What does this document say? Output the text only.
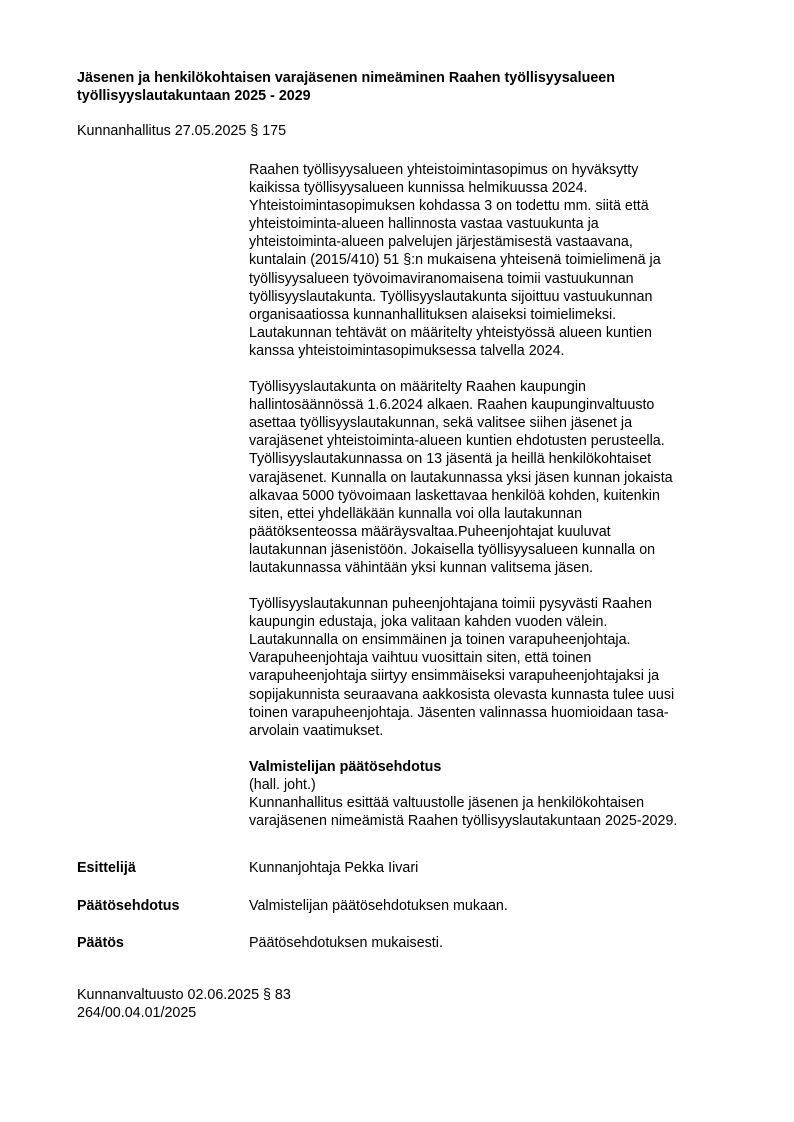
Jäsenen ja henkilökohtaisen varajäsenen nimeäminen Raahen työllisyysalueen
työllisyyslautakuntaan 2025 - 2029
Kunnanhallitus 27.05.2025 § 175
Raahen työllisyysalueen yhteistoimintasopimus on hyväksytty
kaikissa työllisyysalueen kunnissa helmikuussa 2024.
Yhteistoimintasopimuksen kohdassa 3 on todettu mm. siitä että
yhteistoiminta-alueen hallinnosta vastaa vastuukunta ja
yhteistoiminta-alueen palvelujen järjestämisestä vastaavana,
kuntalain (2015/410) 51 §:n mukaisena yhteisenä toimielimenä ja
työllisyysalueen työvoimaviranomaisena toimii vastuukunnan
työllisyyslautakunta. Työllisyyslautakunta sijoittuu vastuukunnan
organisaatiossa kunnanhallituksen alaiseksi toimielimeksi.
Lautakunnan tehtävät on määritelty yhteistyössä alueen kuntien
kanssa yhteistoimintasopimuksessa talvella 2024.
Työllisyyslautakunta on määritelty Raahen kaupungin
hallintosäännössä 1.6.2024 alkaen. Raahen kaupunginvaltuusto
asettaa työllisyyslautakunnan, sekä valitsee siihen jäsenet ja
varajäsenet yhteistoiminta-alueen kuntien ehdotusten perusteella.
Työllisyyslautakunnassa on 13 jäsentä ja heillä henkilökohtaiset
varajäsenet. Kunnalla on lautakunnassa yksi jäsen kunnan jokaista
alkavaa 5000 työvoimaan laskettavaa henkilöä kohden, kuitenkin
siten, ettei yhdelläkään kunnalla voi olla lautakunnan
päätöksenteossa määräysvaltaa.Puheenjohtajat kuuluvat
lautakunnan jäsenistöön. Jokaisella työllisyysalueen kunnalla on
lautakunnassa vähintään yksi kunnan valitsema jäsen.
Työllisyyslautakunnan puheenjohtajana toimii pysyvästi Raahen
kaupungin edustaja, joka valitaan kahden vuoden välein.
Lautakunnalla on ensimmäinen ja toinen varapuheenjohtaja.
Varapuheenjohtaja vaihtuu vuosittain siten, että toinen
varapuheenjohtaja siirtyy ensimmäiseksi varapuheenjohtajaksi ja
sopijakunnista seuraavana aakkosista olevasta kunnasta tulee uusi
toinen varapuheenjohtaja. Jäsenten valinnassa huomioidaan tasa-
arvolain vaatimukset.
Valmistelijan päätösehdotus
(hall. joht.)
Kunnanhallitus esittää valtuustolle jäsenen ja henkilökohtaisen
varajäsenen nimeämistä Raahen työllisyyslautakuntaan 2025-2029.
Esittelijä	Kunnanjohtaja Pekka Iivari
Päätösehdotus	Valmistelijan päätösehdotuksen mukaan.
Päätös	Päätösehdotuksen mukaisesti.
Kunnanvaltuusto 02.06.2025 § 83
264/00.04.01/2025
